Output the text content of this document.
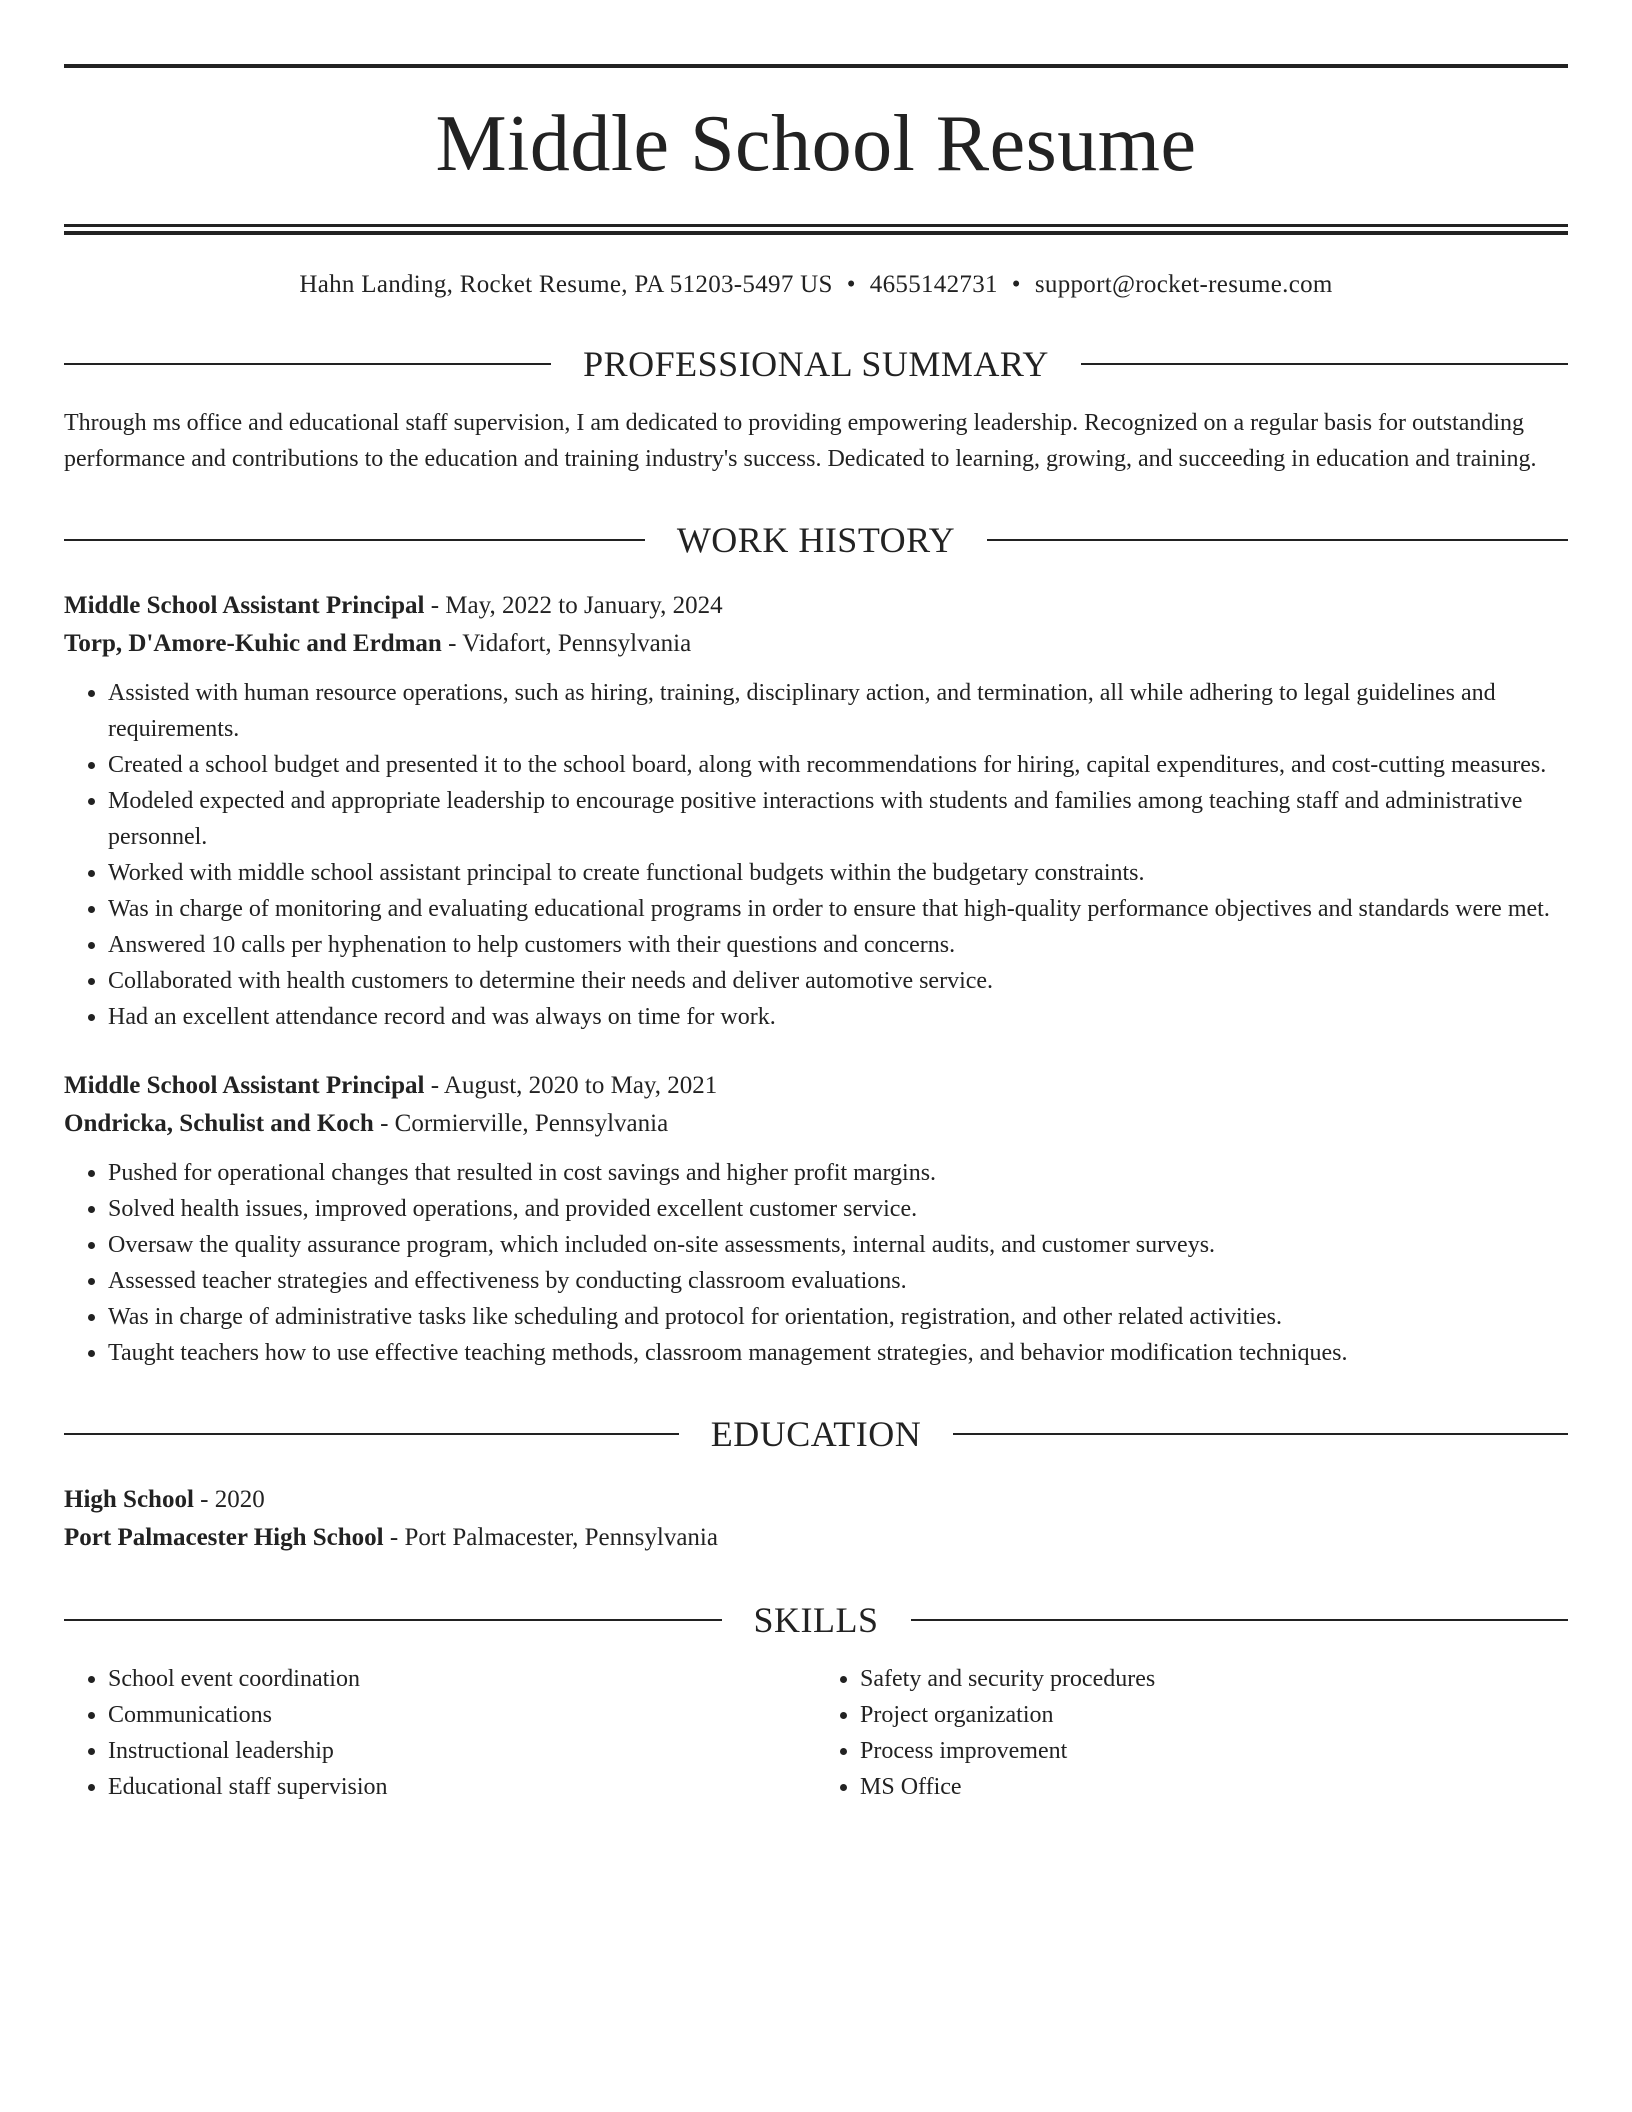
Middle School Resume
Hahn Landing, Rocket Resume, PA 51203-5497 US • 4655142731 • support@rocket-resume.com
PROFESSIONAL SUMMARY
Through ms office and educational staff supervision, I am dedicated to providing empowering leadership. Recognized on a regular basis for outstanding performance and contributions to the education and training industry's success. Dedicated to learning, growing, and succeeding in education and training.
WORK HISTORY
Middle School Assistant Principal - May, 2022 to January, 2024
Torp, D'Amore-Kuhic and Erdman - Vidafort, Pennsylvania
• Assisted with human resource operations, such as hiring, training, disciplinary action, and termination, all while adhering to legal guidelines and requirements.
• Created a school budget and presented it to the school board, along with recommendations for hiring, capital expenditures, and cost-cutting measures.
• Modeled expected and appropriate leadership to encourage positive interactions with students and families among teaching staff and administrative personnel.
• Worked with middle school assistant principal to create functional budgets within the budgetary constraints.
• Was in charge of monitoring and evaluating educational programs in order to ensure that high-quality performance objectives and standards were met.
• Answered 10 calls per hyphenation to help customers with their questions and concerns.
• Collaborated with health customers to determine their needs and deliver automotive service.
• Had an excellent attendance record and was always on time for work.
Middle School Assistant Principal - August, 2020 to May, 2021
Ondricka, Schulist and Koch - Cormierville, Pennsylvania
• Pushed for operational changes that resulted in cost savings and higher profit margins.
• Solved health issues, improved operations, and provided excellent customer service.
• Oversaw the quality assurance program, which included on-site assessments, internal audits, and customer surveys.
• Assessed teacher strategies and effectiveness by conducting classroom evaluations.
• Was in charge of administrative tasks like scheduling and protocol for orientation, registration, and other related activities.
• Taught teachers how to use effective teaching methods, classroom management strategies, and behavior modification techniques.
EDUCATION
High School - 2020
Port Palmacester High School - Port Palmacester, Pennsylvania
SKILLS
• School event coordination
• Communications
• Instructional leadership
• Educational staff supervision
• Safety and security procedures
• Project organization
• Process improvement
• MS Office
